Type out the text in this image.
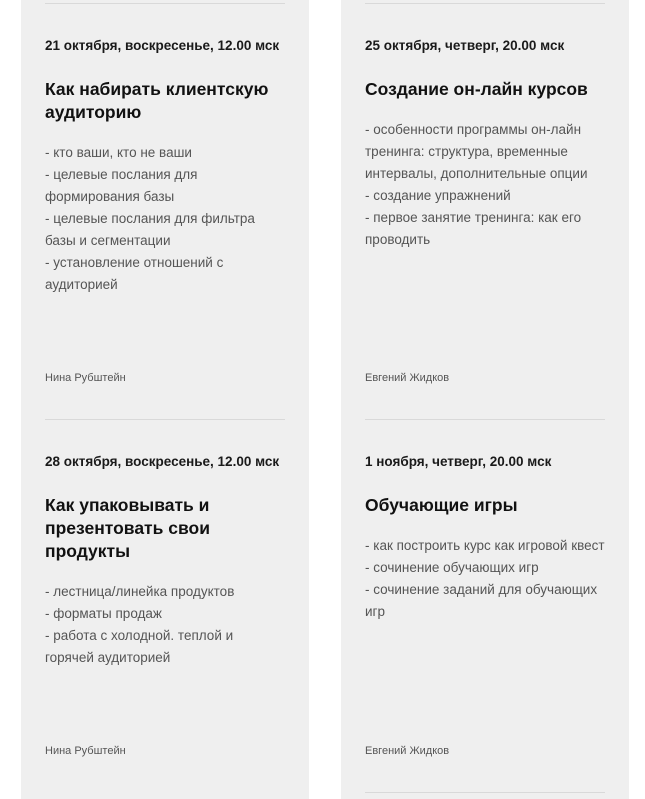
21 октября, воскресенье, 12.00 мск

Как набирать клиентскую аудиторию

- кто ваши, кто не ваши
- целевые послания для формирования базы
- целевые послания для фильтра базы и сегментации
- установление отношений с аудиторией
Нина Рубштейн

28 октября, воскресенье, 12.00 мск

Как упаковывать и презентовать свои продукты

- лестница/линейка продуктов
- форматы продаж
- работа с холодной. теплой и горячей аудиторией
Нина Рубштейн

25 октября, четверг, 20.00 мск

Создание он-лайн курсов

- особенности программы он-лайн тренинга: структура, временные интервалы, дополнительные опции
- создание упражнений
- первое занятие тренинга: как его проводить
Евгений Жидков

1 ноября, четверг, 20.00 мск

Обучающие игры

- как построить курс как игровой квест
- сочинение обучающих игр
- сочинение заданий для обучающих игр
Евгений Жидков
